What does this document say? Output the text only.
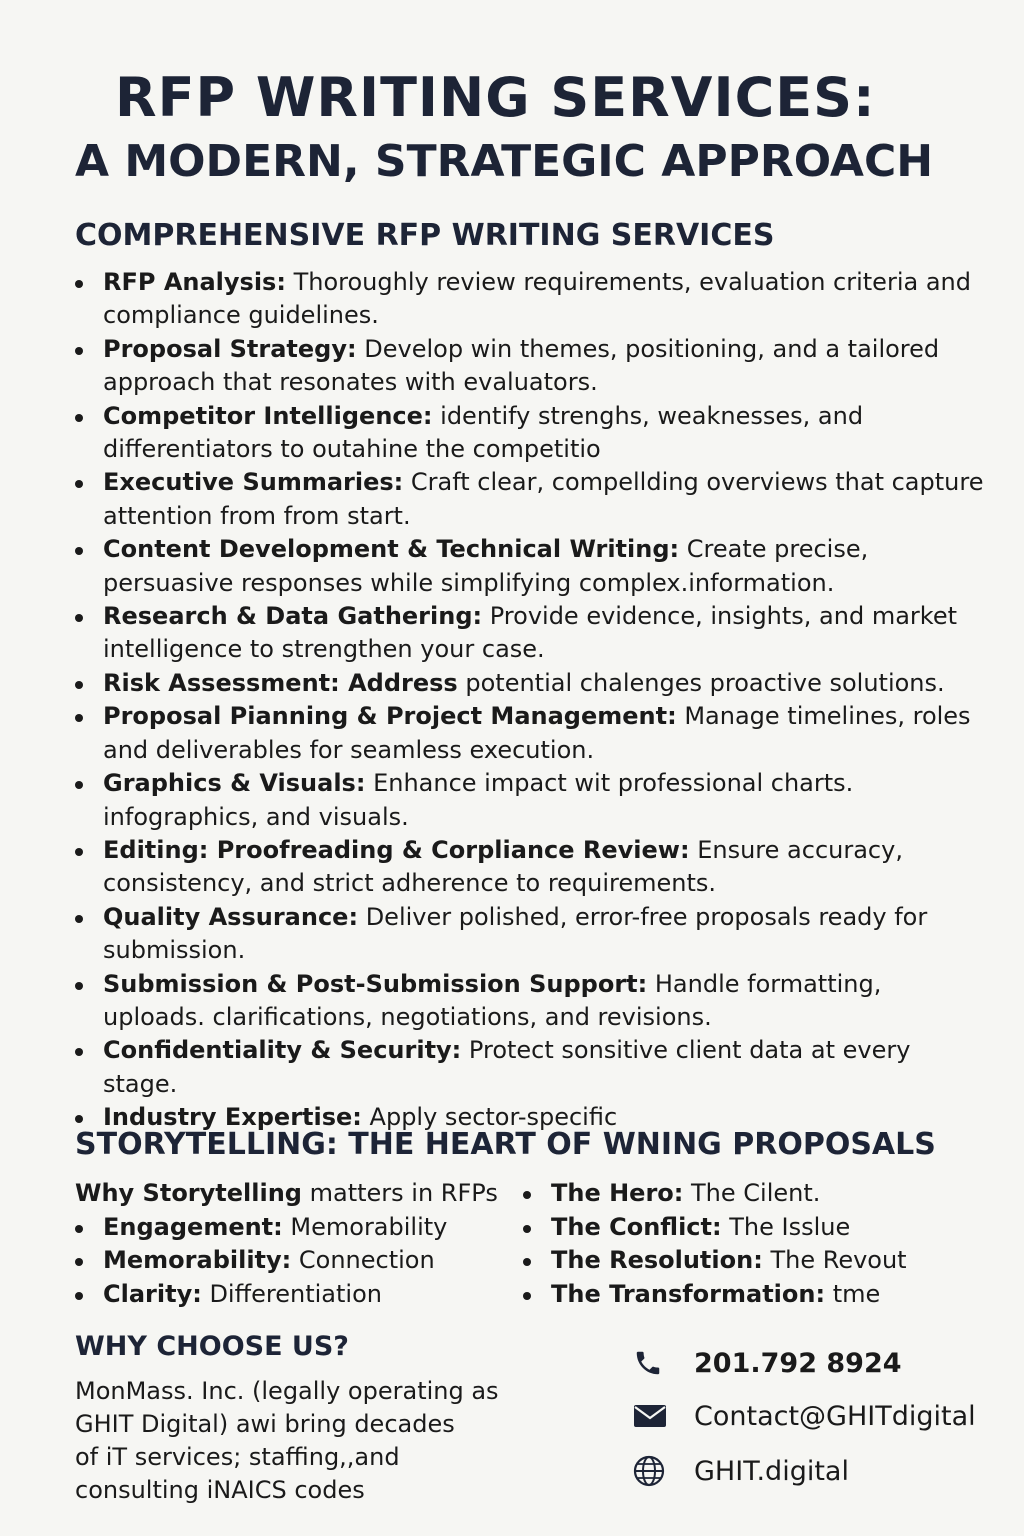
RFP WRITING SERVICES:
A MODERN, STRATEGIC APPROACH
COMPREHENSIVE RFP WRITING SERVICES
RFP Analysis: Thoroughly review requirements, evaluation criteria and compliance guidelines.
Proposal Strategy: Develop win themes, positioning, and a tailored approach that resonates with evaluators.
Competitor Intelligence: identify strenghs, weaknesses, and differentiators to outahine the competitio
Executive Summaries: Craft clear, compellding overviews that capture attention from from start.
Content Development & Technical Writing: Create precise, persuasive responses while simplifying complex.information.
Research & Data Gathering: Provide evidence, insights, and market intelligence to strengthen your case.
Risk Assessment: Address potential chalenges proactive solutions.
Proposal Pianning & Project Management: Manage timelines, roles and deliverables for seamless execution.
Graphics & Visuals: Enhance impact wit professional charts. infographics, and visuals.
Editing: Proofreading & Corpliance Review: Ensure accuracy, consistency, and strict adherence to requirements.
Quality Assurance: Deliver polished, error-free proposals ready for submission.
Submission & Post-Submission Support: Handle formatting, uploads. clarifications, negotiations, and revisions.
Confidentiality & Security: Protect sonsitive client data at every stage.
Industry Expertise: Apply sector-specific
STORYTELLING: THE HEART OF WNING PROPOSALS
Why Storytelling matters in RFPs
Engagement: Memorability
Memorability: Connection
Clarity: Differentiation
The Hero: The Cilent.
The Conflict: The Isslue
The Resolution: The Revout
The Transformation: tme
WHY CHOOSE US?

MonMass. Inc. (legally operating as
GHIT Digital) awi bring decades
of iT services; staffing,,and
consulting iNAICS codes

201.792 8924
Contact@GHITdigital
GHIT.digital
